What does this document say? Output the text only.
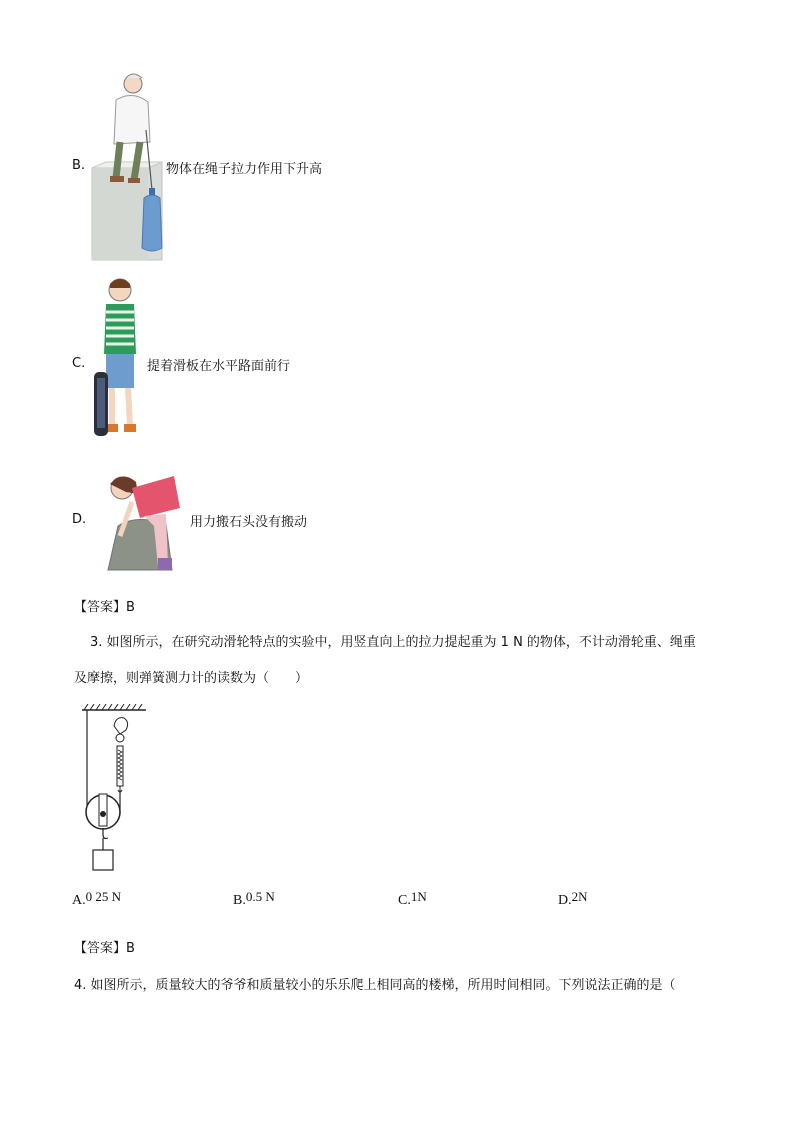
B.	物体在绳子拉力作用下升高
C.	提着滑板在水平路面前行
D.	用力搬石头没有搬动
【答案】B
3. 如图所示，在研究动滑轮特点的实验中，用竖直向上的拉力提起重为 1 N 的物体，不计动滑轮重、绳重
及摩擦，则弹簧测力计的读数为（　　）
A.0 25 N	B.0.5 N	C.1N	D.2N
【答案】B
4. 如图所示，质量较大的爷爷和质量较小的乐乐爬上相同高的楼梯，所用时间相同。下列说法正确的是（
